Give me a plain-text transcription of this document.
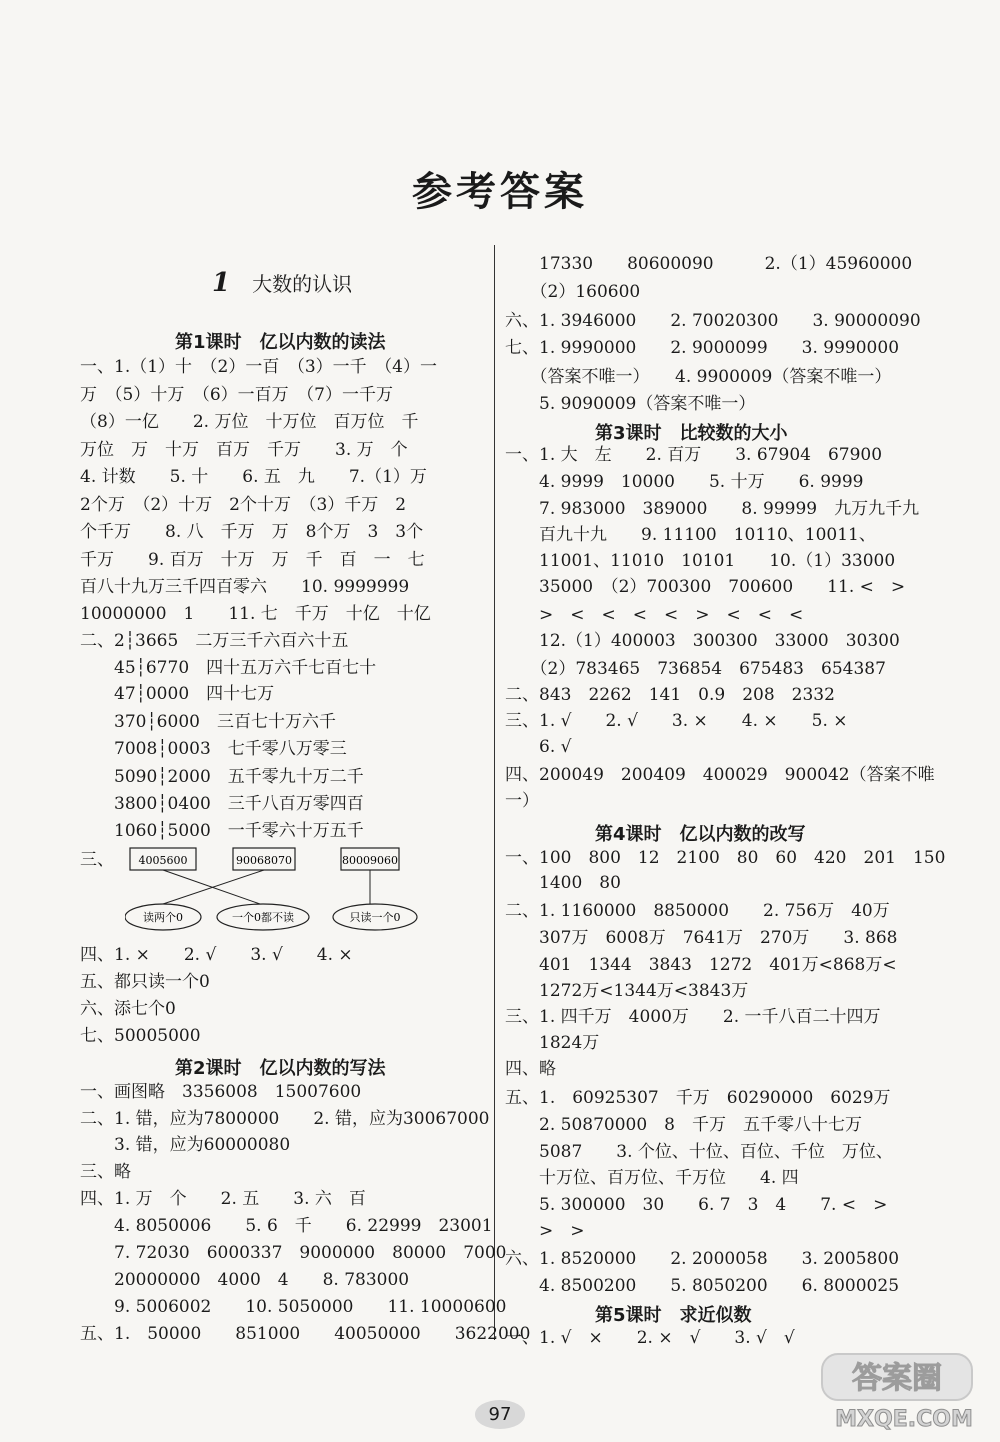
参考答案
1 大数的认识
第1课时　亿以内数的读法
一、1.（1）十　（2）一百　（3）一千　（4）一
万　（5）十万　（6）一百万　（7）一千万
（8）一亿　　2. 万位　十万位　百万位　千
万位　万　十万　百万　千万　　3. 万　个
4. 计数　　5. 十　　6. 五　九　　7.（1）万
2个万　（2）十万　2个十万　（3）千万　2
个千万　　8. 八　千万　万　8个万　3　3个
千万　　9. 百万　十万　万　千　百　一　七
百八十九万三千四百零六　　10. 9999999
10000000　1　　11. 七　千万　十亿　十亿
二、2┆3665　二万三千六百六十五
　　45┆6770　四十五万六千七百七十
　　47┆0000　四十七万
　　370┆6000　三百七十万六千
　　7008┆0003　七千零八万零三
　　5090┆2000　五千零九十万二千
　　3800┆0400　三千八百万零四百
　　1060┆5000　一千零六十万五千
三、
四、1. ×　　2. √　　3. √　　4. ×
五、都只读一个0
六、添七个0
七、50005000
第2课时　亿以内数的写法
一、画图略　3356008　15007600
二、1. 错，应为7800000　　2. 错，应为30067000
　　3. 错，应为60000080
三、略
四、1. 万　个　　2. 五　　3. 六　百
　　4. 8050006　　5. 6　千　　6. 22999　23001
　　7. 72030　6000337　9000000　80000　7000
　　20000000　4000　4　　8. 783000
　　9. 5006002　　10. 5050000　　11. 10000600
五、1.　50000　　851000　　40050000　　3622000
　　17330　　80600090　　　2.（1）45960000
　　（2）160600
六、1. 3946000　　2. 70020300　　3. 90000090
七、1. 9990000　　2. 9000099　　3. 9990000
　　（答案不唯一）　　4. 9900009（答案不唯一）
　　5. 9090009（答案不唯一）
第3课时　比较数的大小
一、1. 大　左　　2. 百万　　3. 67904　67900
　　4. 9999　10000　　5. 十万　　6. 9999
　　7. 983000　389000　　8. 99999　九万九千九
　　百九十九　　9. 11100　10110、10011、
　　11001、11010　10101　　10.（1）33000
　　35000　（2）700300　700600　　11. <　>
　　>　<　<　<　<　>　<　<　<
　　12.（1）400003　300300　33000　30300
　　（2）783465　736854　675483　654387
二、843　2262　141　0.9　208　2332
三、1. √　　2. √　　3. ×　　4. ×　　5. ×
　　6. √
四、200049　200409　400029　900042（答案不唯
一）
第4课时　亿以内数的改写
一、100　800　12　2100　80　60　420　201　150
　　1400　80
二、1. 1160000　8850000　　2. 756万　40万
　　307万　6008万　7641万　270万　　3. 868
　　401　1344　3843　1272　401万<868万<
　　1272万<1344万<3843万
三、1. 四千万　4000万　　2. 一千八百二十四万
　　1824万
四、略
五、1.　60925307　千万　60290000　6029万
　　2. 50870000　8　千万　五千零八十七万
　　5087　　3. 个位、十位、百位、千位　万位、
　　十万位、百万位、千万位　　4. 四
　　5. 300000　30　　6. 7　3　4　　7. <　>
　　>　>
六、1. 8520000　　2. 2000058　　3. 2005800
　　4. 8500200　　5. 8050200　　6. 8000025
第5课时　求近似数
一、1. √　×　　2. ×　√　　3. √　√
4005600	90068070	80009060
读两个0	一个0都不读	只读一个0
97
答案圈
MXQE.COM
